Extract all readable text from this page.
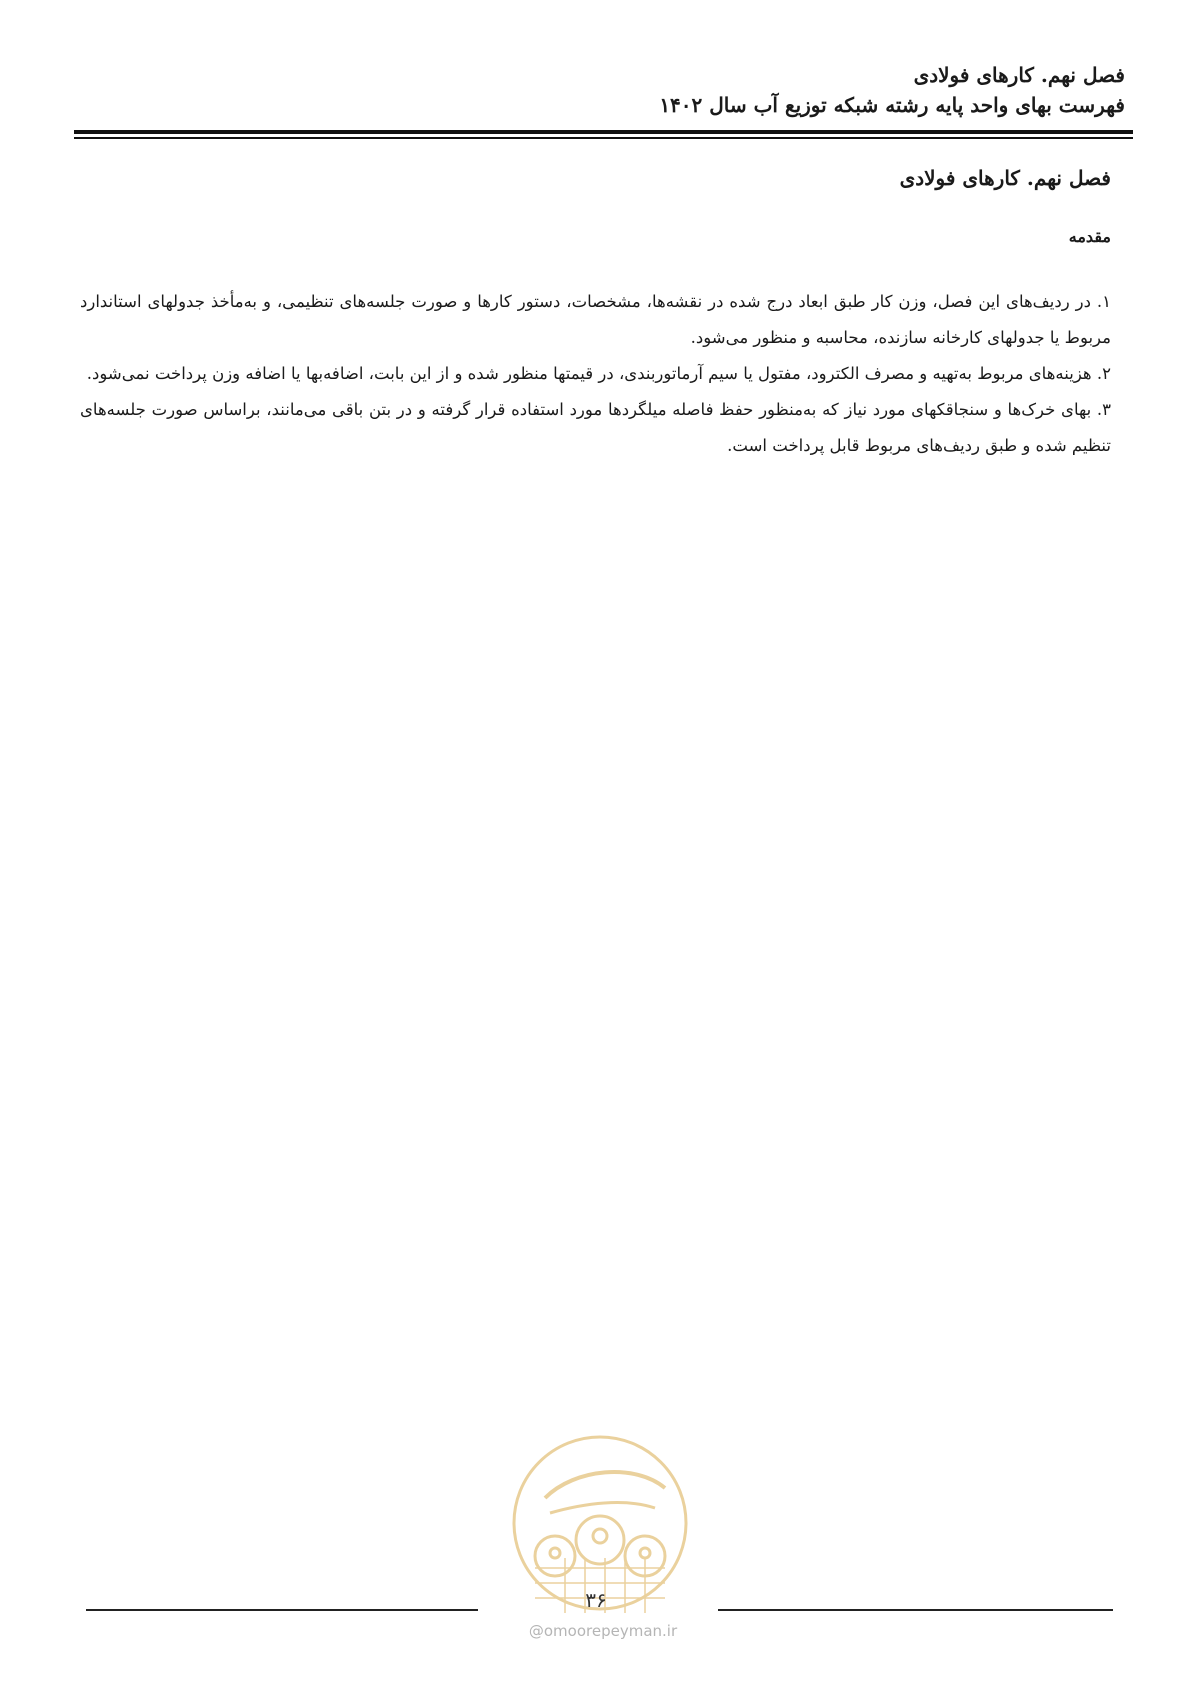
فصل نهم. کارهای فولادی

فهرست بهای واحد پایه رشته شبکه توزیع آب سال ۱۴۰۲

فصل نهم. کارهای فولادی
مقدمه

۱. در ردیف‌های این فصل، وزن کار طبق ابعاد درج شده در نقشه‌ها، مشخصات، دستور کارها و صورت جلسه‌های تنظیمی، و به‌مأخذ جدولهای استاندارد مربوط یا جدولهای کارخانه سازنده، محاسبه و منظور می‌شود.

۲. هزینه‌های مربوط به‌تهیه و مصرف الکترود، مفتول یا سیم آرماتوربندی، در قیمتها منظور شده و از این بابت، اضافه‌بها یا اضافه وزن پرداخت نمی‌شود.

۳. بهای خرک‌ها و سنجاقکهای مورد نیاز که به‌منظور حفظ فاصله میلگردها مورد استفاده قرار گرفته و در بتن باقی می‌مانند، براساس صورت جلسه‌های تنظیم شده و طبق ردیف‌های مربوط قابل پرداخت است.

۳۶
@omoorepeyman.ir
